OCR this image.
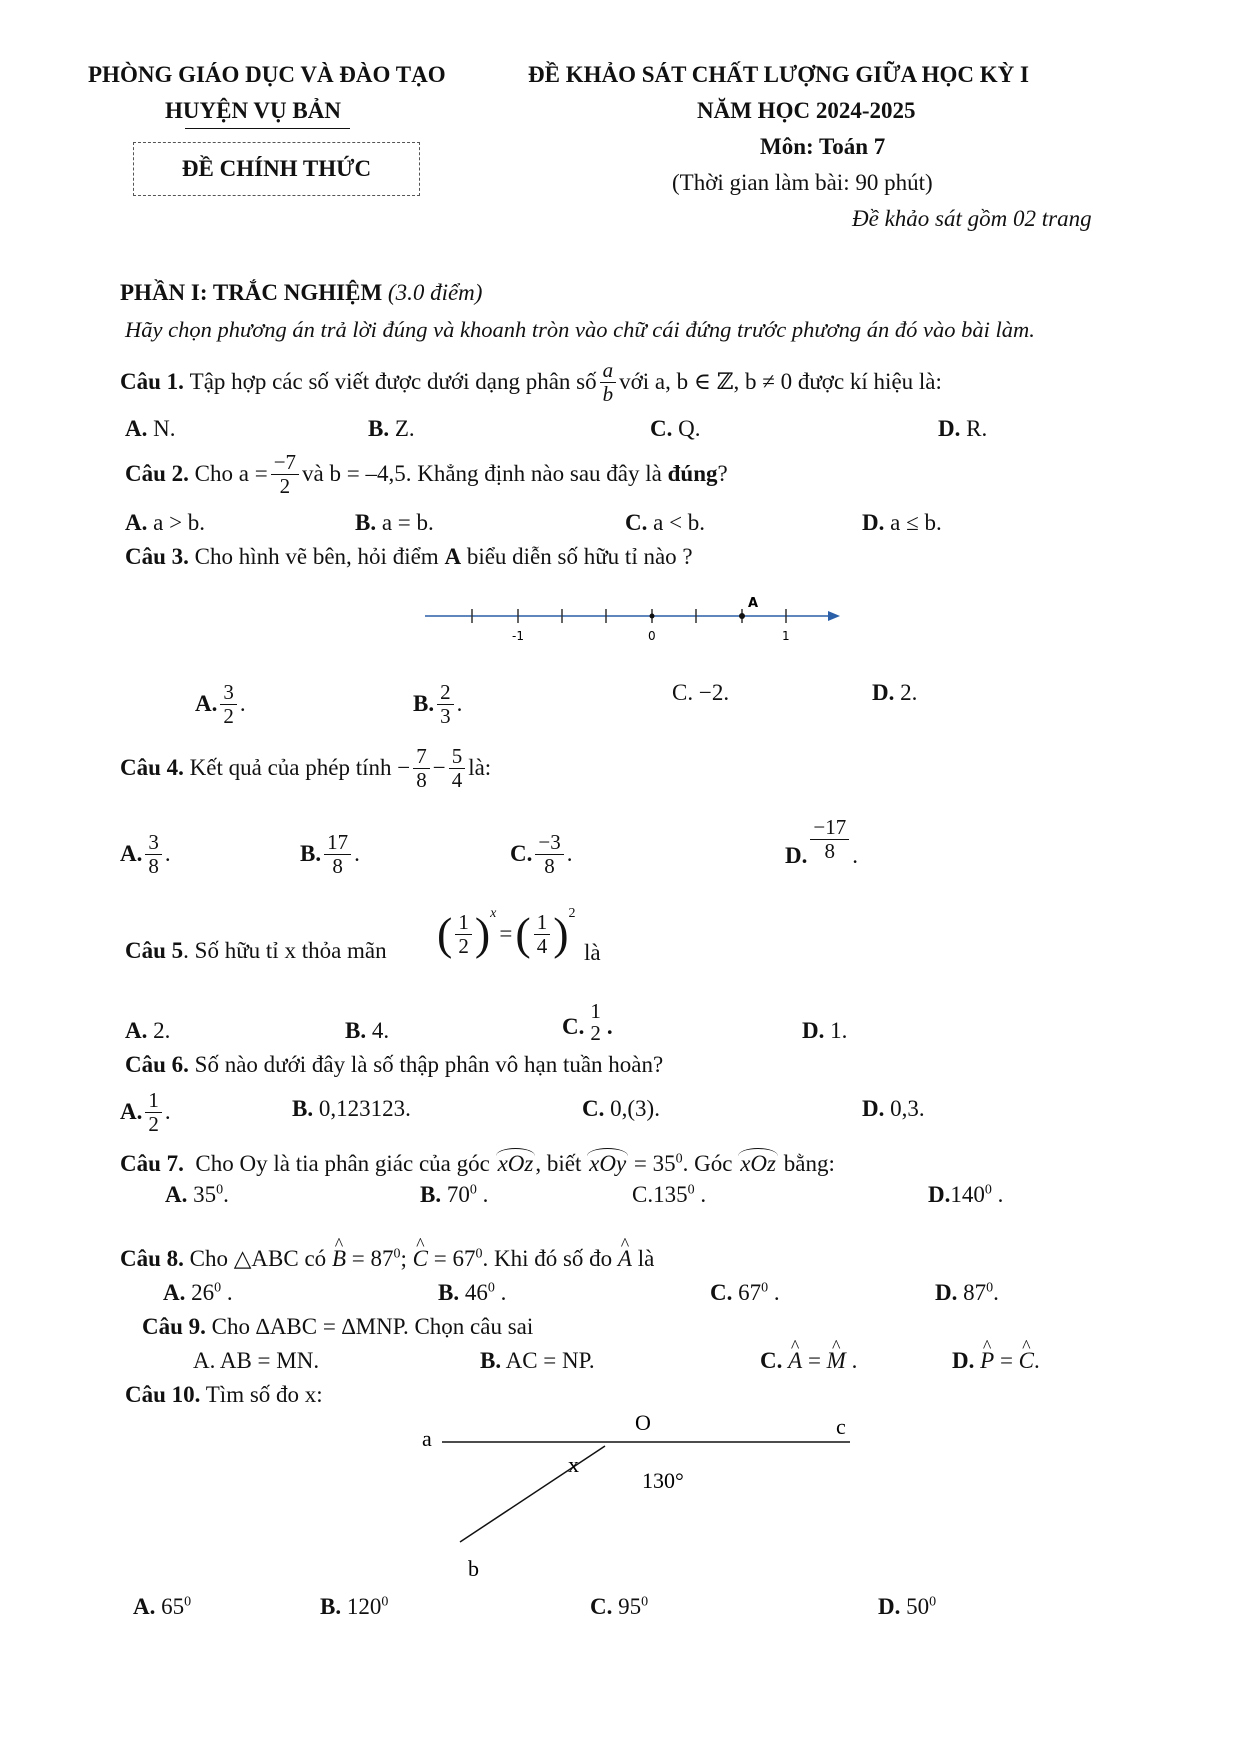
PHÒNG GIÁO DỤC VÀ ĐÀO TẠO
HUYỆN VỤ BẢN
ĐỀ CHÍNH THỨC
ĐỀ KHẢO SÁT CHẤT LƯỢNG GIỮA HỌC KỲ I
NĂM HỌC 2024-2025
Môn: Toán 7
(Thời gian làm bài: 90 phút)
Đề khảo sát gồm 02 trang
PHẦN I: TRẮC NGHIỆM (3.0 điểm)
Hãy chọn phương án trả lời đúng và khoanh tròn vào chữ cái đứng trước phương án đó vào bài làm.
Câu 1.
Tập hợp các số viết được dưới dạng phân số $\frac{a}{b}$ với a, b ∈ ℤ, b ≠ 0 được kí hiệu là:
A. N.	B. Z.	C. Q.	D. R.
Câu 2.
Cho $a = \frac{-7}{2}$ và b = –4,5. Khẳng định nào sau đây là
đúng ?
A. a > b.	B. a = b.	C. a < b.	D. a ≤ b.
Câu 3. Cho hình vẽ bên, hỏi điểm A biểu diễn số hữu tỉ nào ?
-1	0	1
A
A. $\frac{3}{2}$ .	B. $\frac{2}{3}$ .	C. −2.	D. 2.
Câu 4.
Kết quả của phép tính
− $\frac{7}{8} - \frac{5}{4}$ là:
A. $\frac{3}{8}$ .	B. $\frac{17}{8}$ .	C. $\frac{-3}{8}$ .	D. $\frac{-17}{8}$ .
Câu 5. Số hữu tỉ x thỏa mãn ( $\frac{1}{2}$ ) x
= ( $\frac{1}{4}$ ) 2
là
A. 2.	B. 4.	C.
1
2 .	D. 1.
Câu 6. Số nào dưới đây là số thập phân vô hạn tuần hoàn?
A. $\frac{1}{2}$ .	B. 0,123123.	C. 0,(3).	D. 0,3.
Câu 7. Cho Oy là tia phân giác của góc xOz, biết xOy = $35^0$. Góc xOz bằng:
A. $35^0$.	B. $70^0$ .	C.135$^0$ .	D.140$^0$ .
Câu 8. Cho △ABC có ^ $B = 87^0$; ^ $C = 67^0$. Khi đó số đo ^ A là
A. $26^0$ .	B. $46^0$ .	C. $67^0$ .	D. $87^0$.
Câu 9. Cho ∆ABC = ∆MNP. Chọn câu sai
A. AB = MN.	B. AC = NP.	C. ^ A = ^ M .	D. ^ P = ^ C.
Câu 10. Tìm số đo x:
O
a	c
x
130°
b
A. $65^0$	B. $120^0$	C. $95^0$	D. $50^0$
